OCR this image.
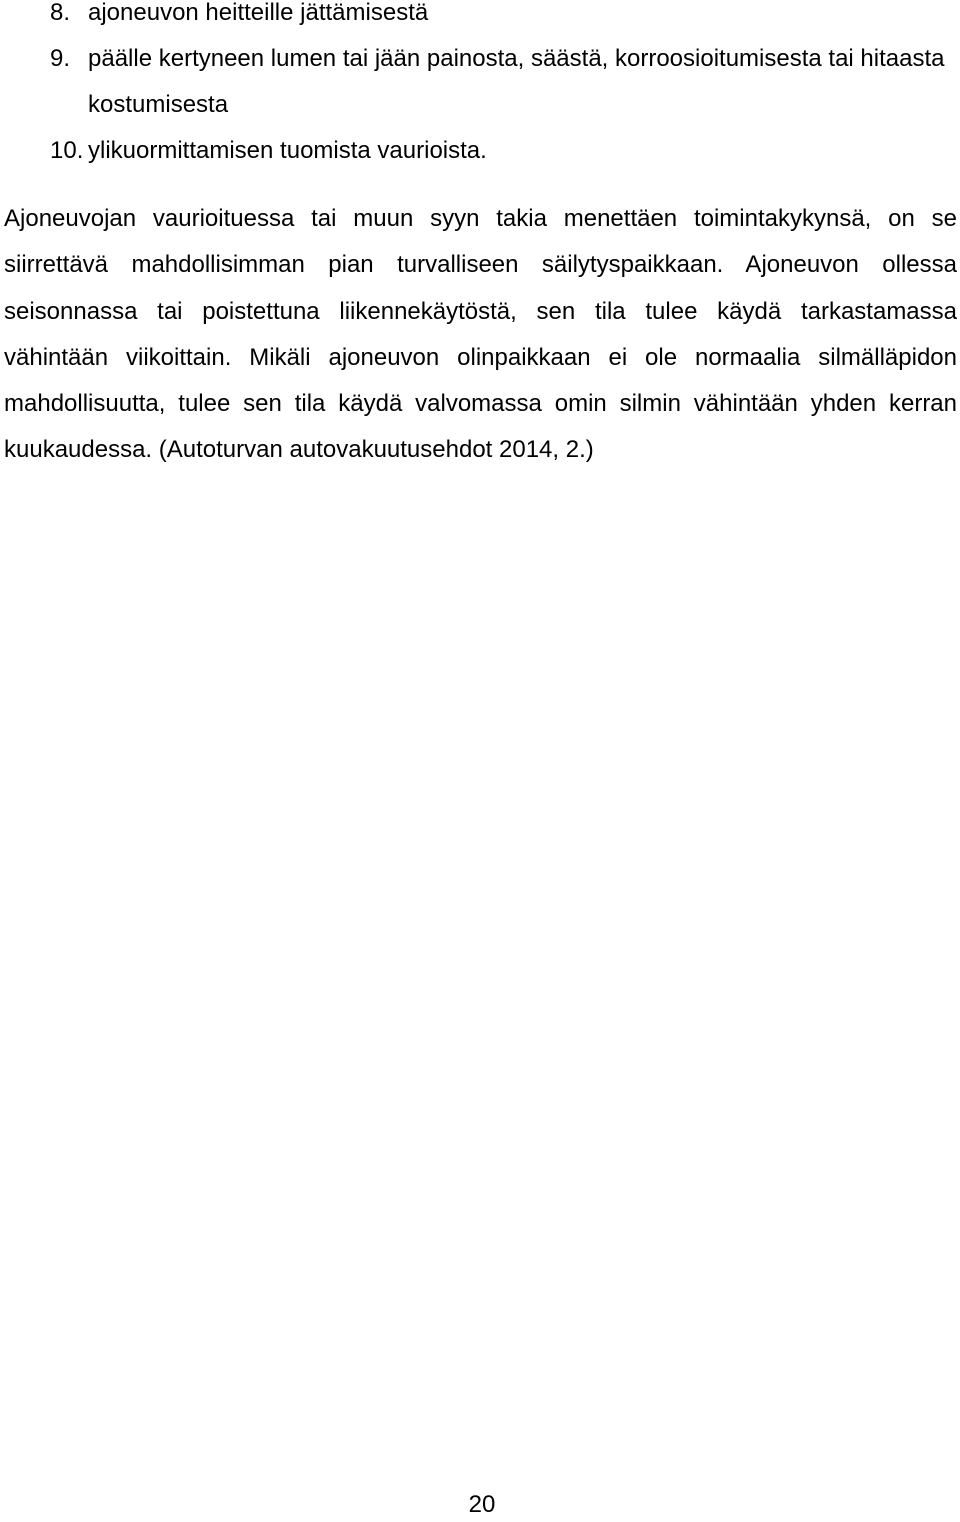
8. ajoneuvon heitteille jättämisestä
9. päälle kertyneen lumen tai jään painosta, säästä, korroosioitumisesta tai hitaasta kostumisesta
10. ylikuormittamisen tuomista vaurioista.

Ajoneuvojan vaurioituessa tai muun syyn takia menettäen toimintakykynsä, on se siirrettävä mahdollisimman pian turvalliseen säilytyspaikkaan. Ajoneuvon ollessa seisonnassa tai poistettuna liikennekäytöstä, sen tila tulee käydä tarkastamassa vähintään viikoittain. Mikäli ajoneuvon olinpaikkaan ei ole normaalia silmälläpidon mahdollisuutta, tulee sen tila käydä valvomassa omin silmin vähintään yhden kerran kuukaudessa. (Autoturvan autovakuutusehdot 2014, 2.)

20
